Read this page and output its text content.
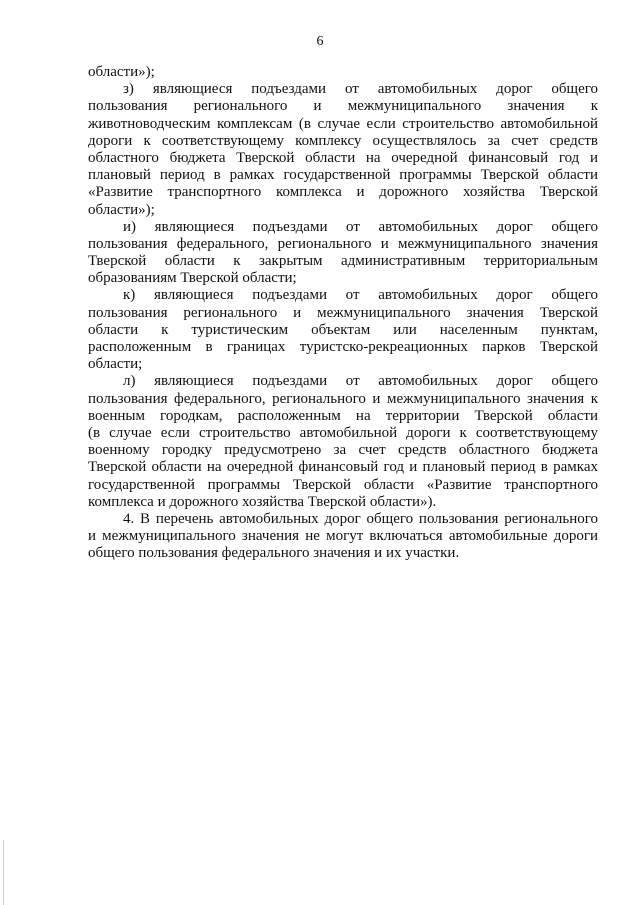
6
области»);
з) являющиеся подъездами от автомобильных дорог общего
пользования регионального и межмуниципального значения к
животноводческим комплексам (в случае если строительство автомобильной
дороги к соответствующему комплексу осуществлялось за счет средств
областного бюджета Тверской области на очередной финансовый год и
плановый период в рамках государственной программы Тверской области
«Развитие транспортного комплекса и дорожного хозяйства Тверской
области»);
и) являющиеся подъездами от автомобильных дорог общего
пользования федерального, регионального и межмуниципального значения
Тверской области к закрытым административным территориальным
образованиям Тверской области;
к) являющиеся подъездами от автомобильных дорог общего
пользования регионального и межмуниципального значения Тверской
области к туристическим объектам или населенным пунктам,
расположенным в границах туристско-рекреационных парков Тверской
области;
л) являющиеся подъездами от автомобильных дорог общего
пользования федерального, регионального и межмуниципального значения к
военным городкам, расположенным на территории Тверской области
(в случае если строительство автомобильной дороги к соответствующему
военному городку предусмотрено за счет средств областного бюджета
Тверской области на очередной финансовый год и плановый период в рамках
государственной программы Тверской области «Развитие транспортного
комплекса и дорожного хозяйства Тверской области»).
4. В перечень автомобильных дорог общего пользования регионального
и межмуниципального значения не могут включаться автомобильные дороги
общего пользования федерального значения и их участки.
